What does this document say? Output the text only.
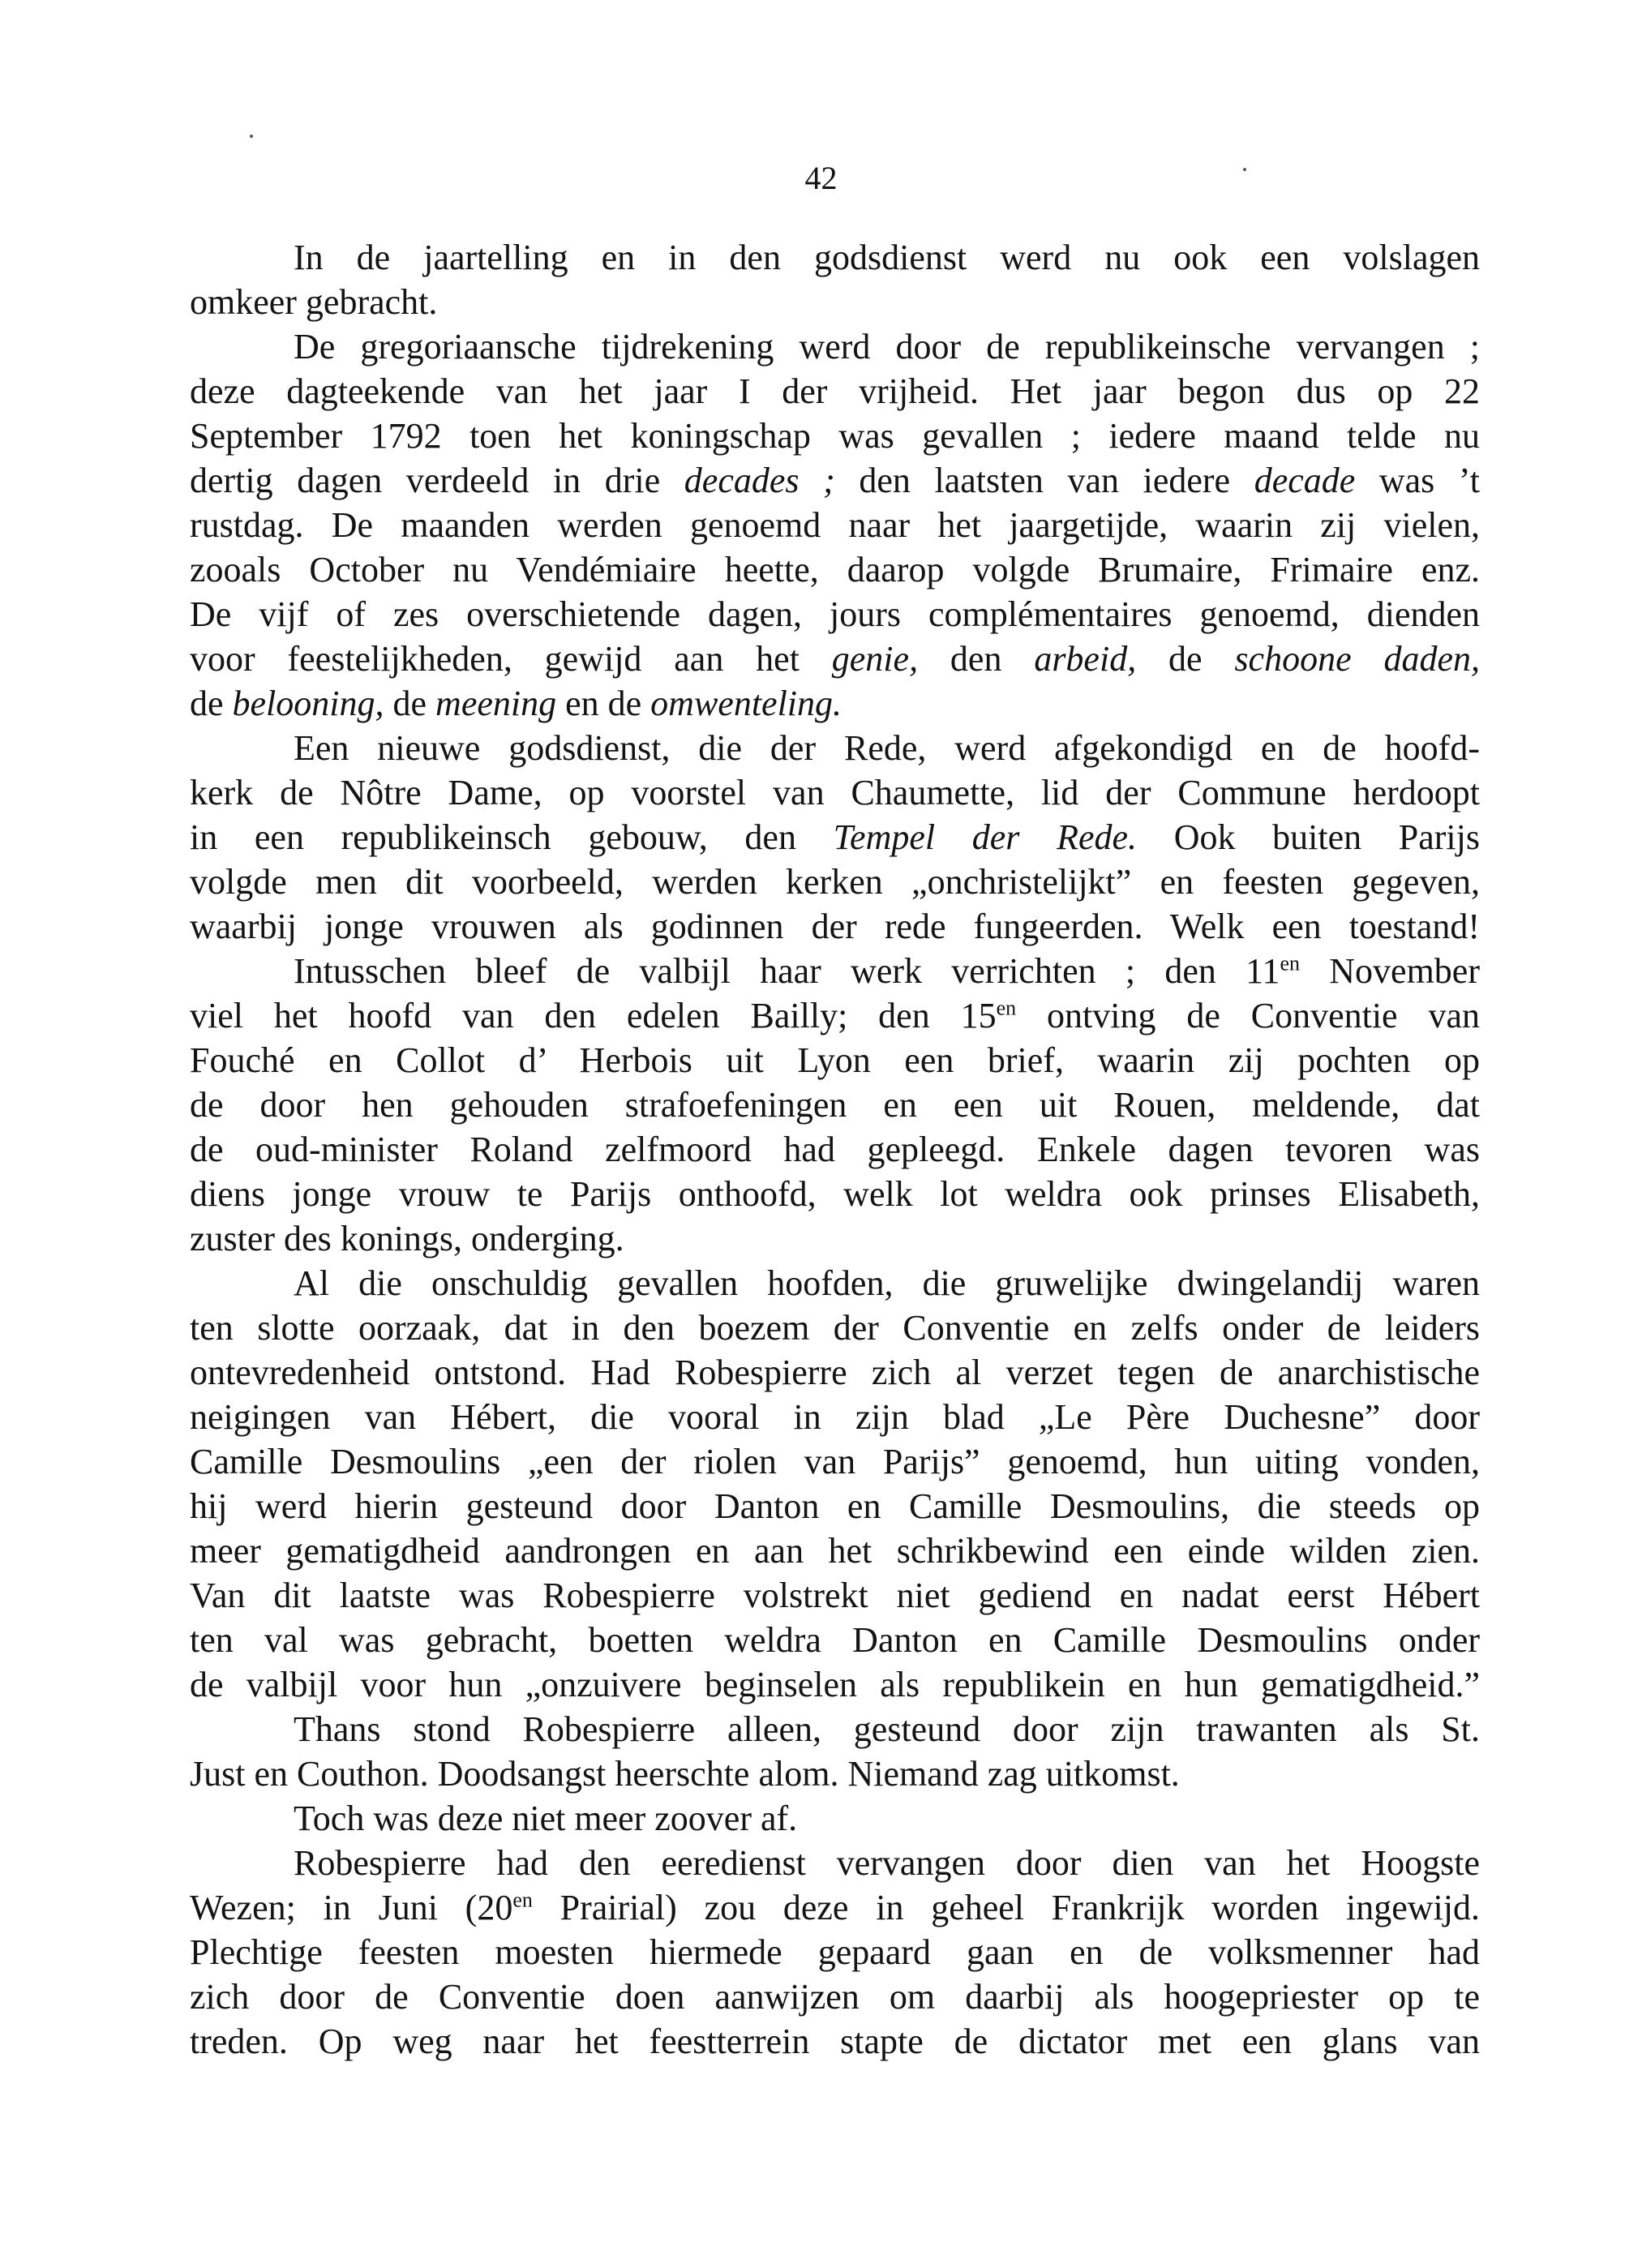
42
In de jaartelling en in den godsdienst werd nu ook een volslagen
omkeer gebracht.
De gregoriaansche tijdrekening werd door de republikeinsche vervangen ;
deze dagteekende van het jaar I der vrijheid. Het jaar begon dus op 22
September 1792 toen het koningschap was gevallen ; iedere maand telde nu
dertig dagen verdeeld in drie decades ; den laatsten van iedere decade was ’t
rustdag. De maanden werden genoemd naar het jaargetijde, waarin zij vielen,
zooals October nu Vendémiaire heette, daarop volgde Brumaire, Frimaire enz.
De vijf of zes overschietende dagen, jours complémentaires genoemd, dienden
voor feestelijkheden, gewijd aan het genie, den arbeid, de schoone daden,
de belooning, de meening en de omwenteling.
Een nieuwe godsdienst, die der Rede, werd afgekondigd en de hoofd-
kerk de Nôtre Dame, op voorstel van Chaumette, lid der Commune herdoopt
in een republikeinsch gebouw, den Tempel der Rede. Ook buiten Parijs
volgde men dit voorbeeld, werden kerken „onchristelijkt” en feesten gegeven,
waarbij jonge vrouwen als godinnen der rede fungeerden. Welk een toestand!
Intusschen bleef de valbijl haar werk verrichten ; den $11^{en}$ November
viel het hoofd van den edelen Bailly; den $15^{en}$ ontving de Conventie van
Fouché en Collot d’ Herbois uit Lyon een brief, waarin zij pochten op
de door hen gehouden strafoefeningen en een uit Rouen, meldende, dat
de oud-minister Roland zelfmoord had gepleegd. Enkele dagen tevoren was
diens jonge vrouw te Parijs onthoofd, welk lot weldra ook prinses Elisabeth,
zuster des konings, onderging.
Al die onschuldig gevallen hoofden, die gruwelijke dwingelandij waren
ten slotte oorzaak, dat in den boezem der Conventie en zelfs onder de leiders
ontevredenheid ontstond. Had Robespierre zich al verzet tegen de anarchistische
neigingen van Hébert, die vooral in zijn blad „Le Père Duchesne” door
Camille Desmoulins „een der riolen van Parijs” genoemd, hun uiting vonden,
hij werd hierin gesteund door Danton en Camille Desmoulins, die steeds op
meer gematigdheid aandrongen en aan het schrikbewind een einde wilden zien.
Van dit laatste was Robespierre volstrekt niet gediend en nadat eerst Hébert
ten val was gebracht, boetten weldra Danton en Camille Desmoulins onder
de valbijl voor hun „onzuivere beginselen als republikein en hun gematigdheid.”
Thans stond Robespierre alleen, gesteund door zijn trawanten als St.
Just en Couthon. Doodsangst heerschte alom. Niemand zag uitkomst.
Toch was deze niet meer zoover af.
Robespierre had den eeredienst vervangen door dien van het Hoogste
Wezen; in Juni ($20^{en}$ Prairial) zou deze in geheel Frankrijk worden ingewijd.
Plechtige feesten moesten hiermede gepaard gaan en de volksmenner had
zich door de Conventie doen aanwijzen om daarbij als hoogepriester op te
treden. Op weg naar het feestterrein stapte de dictator met een glans van
